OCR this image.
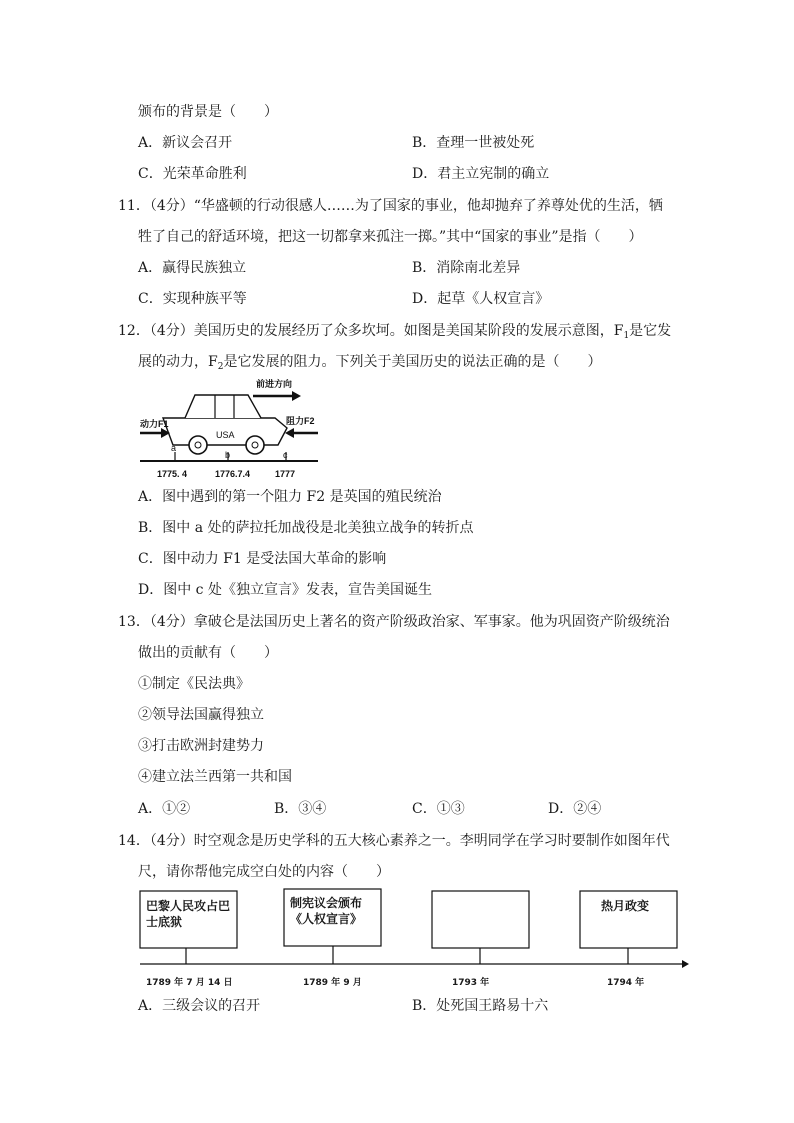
颁布的背景是（　　）
A．新议会召开	B．查理一世被处死
C．光荣革命胜利	D．君主立宪制的确立
11．（4分）“华盛顿的行动很感人……为了国家的事业，他却抛弃了养尊处优的生活，牺
牲了自己的舒适环境，把这一切都拿来孤注一掷。”其中“国家的事业”是指（　　）
A．赢得民族独立	B．消除南北差异
C．实现种族平等	D．起草《人权宣言》
12．（4分）美国历史的发展经历了众多坎坷。如图是美国某阶段的发展示意图，$F_1$是它发
展的动力，$F_2$是它发展的阻力。下列关于美国历史的说法正确的是（　　）
前进方向
USA
动力F1	阻力F2
a
b	c
1775. 4	1776.7.4	1777
A．图中遇到的第一个阻力 F2 是英国的殖民统治
B．图中 a 处的萨拉托加战役是北美独立战争的转折点
C．图中动力 F1 是受法国大革命的影响
D．图中 c 处《独立宣言》发表，宣告美国诞生
13．（4分）拿破仑是法国历史上著名的资产阶级政治家、军事家。他为巩固资产阶级统治
做出的贡献有（　　）
①制定《民法典》
②领导法国赢得独立
③打击欧洲封建势力
④建立法兰西第一共和国
A．①②	B．③④	C．①③	D．②④
14．（4分）时空观念是历史学科的五大核心素养之一。李明同学在学习时要制作如图年代
尺，请你帮他完成空白处的内容（　　）
巴黎人民攻占巴士底狱
制宪议会颁布《人权宣言》
热月政变
1789 年 7 月 14 日	1789 年 9 月	1793 年	1794 年
A．三级会议的召开	B．处死国王路易十六
